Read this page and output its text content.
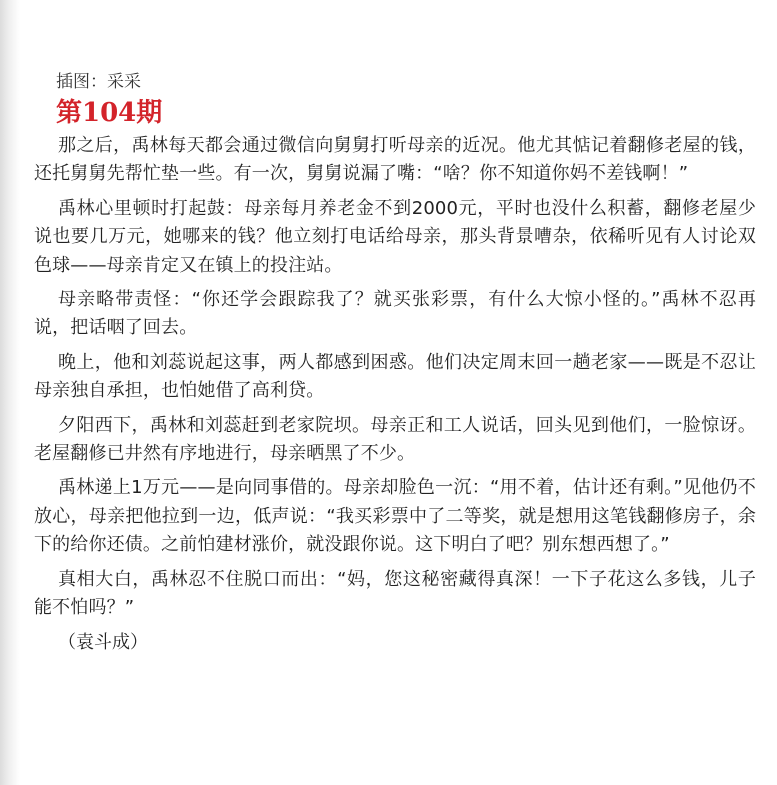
插图：采采
第104期

那之后，禹林每天都会通过微信向舅舅打听母亲的近况。他尤其惦记着翻修老屋的钱，还托舅舅先帮忙垫一些。有一次，舅舅说漏了嘴：“啥？你不知道你妈不差钱啊！”

禹林心里顿时打起鼓：母亲每月养老金不到2000元，平时也没什么积蓄，翻修老屋少说也要几万元，她哪来的钱？他立刻打电话给母亲，那头背景嘈杂，依稀听见有人讨论双色球——母亲肯定又在镇上的投注站。

母亲略带责怪：“你还学会跟踪我了？就买张彩票，有什么大惊小怪的。”禹林不忍再说，把话咽了回去。

晚上，他和刘蕊说起这事，两人都感到困惑。他们决定周末回一趟老家——既是不忍让母亲独自承担，也怕她借了高利贷。

夕阳西下，禹林和刘蕊赶到老家院坝。母亲正和工人说话，回头见到他们，一脸惊讶。老屋翻修已井然有序地进行，母亲晒黑了不少。

禹林递上1万元——是向同事借的。母亲却脸色一沉：“用不着，估计还有剩。”见他仍不放心，母亲把他拉到一边，低声说：“我买彩票中了二等奖，就是想用这笔钱翻修房子，余下的给你还债。之前怕建材涨价，就没跟你说。这下明白了吧？别东想西想了。”

真相大白，禹林忍不住脱口而出：“妈，您这秘密藏得真深！一下子花这么多钱，儿子能不怕吗？”

（袁斗成）
